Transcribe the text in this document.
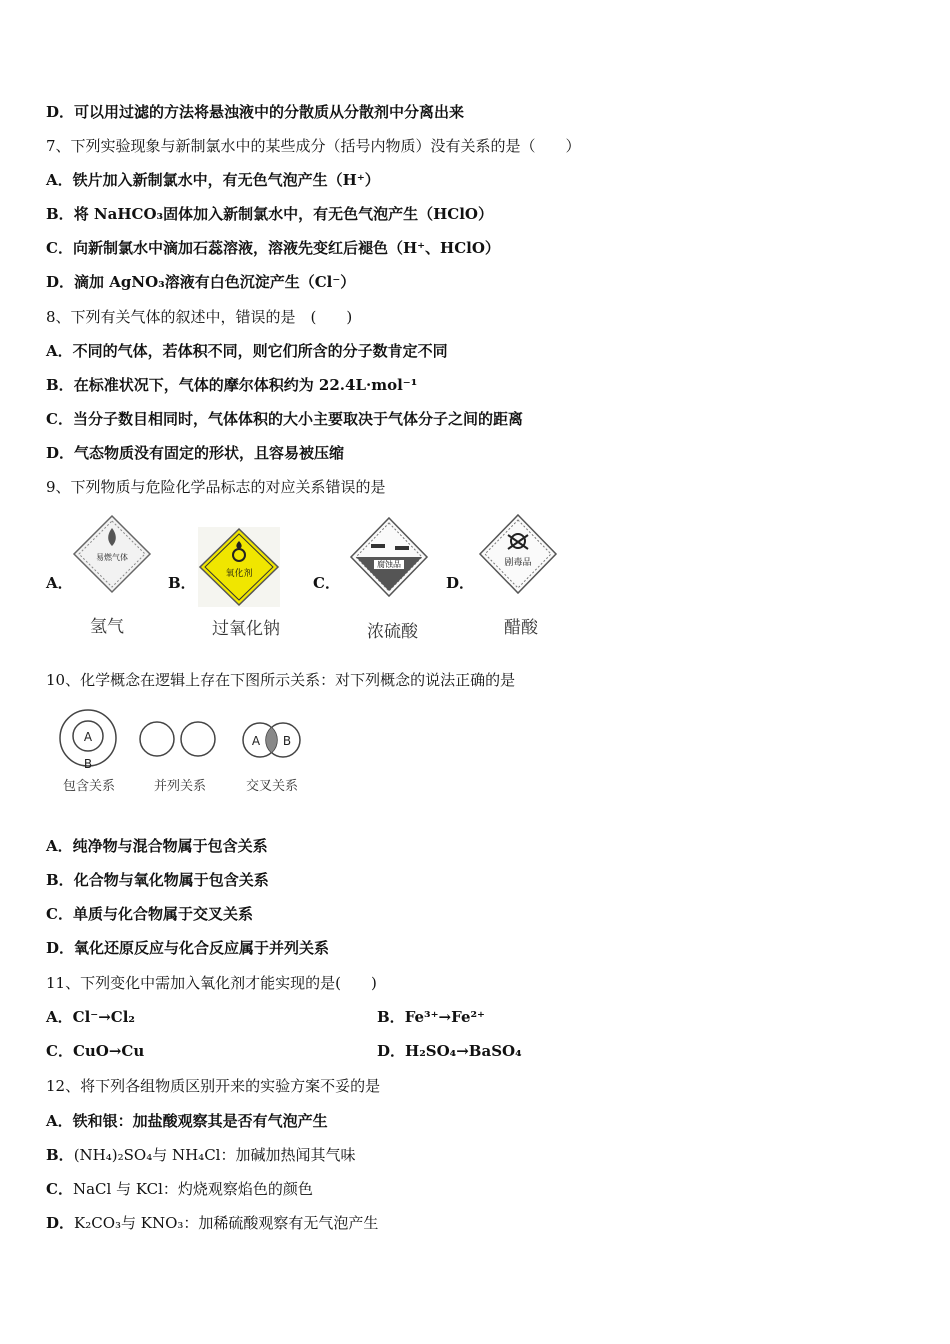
D．可以用过滤的方法将悬浊液中的分散质从分散剂中分离出来
7、下列实验现象与新制氯水中的某些成分（括号内物质）没有关系的是（　　）
A．铁片加入新制氯水中，有无色气泡产生（H⁺）
B．将 NaHCO₃固体加入新制氯水中，有无色气泡产生（HClO）
C．向新制氯水中滴加石蕊溶液，溶液先变红后褪色（H⁺、HClO）
D．滴加 AgNO₃溶液有白色沉淀产生（Cl⁻）
8、下列有关气体的叙述中，错误的是　(　　)
A．不同的气体，若体积不同，则它们所含的分子数肯定不同
B．在标准状况下，气体的摩尔体积约为 22.4L·mol⁻¹
C．当分子数目相同时，气体体积的大小主要取决于气体分子之间的距离
D．气态物质没有固定的形状，且容易被压缩
9、下列物质与危险化学品标志的对应关系错误的是
A．	B．	C．	D．
易燃气体
氧化剂
腐蚀品	剧毒品
氢气	过氧化钠	浓硫酸	醋酸
10、化学概念在逻辑上存在下图所示关系：对下列概念的说法正确的是
A
B
A B
包含关系	并列关系	交叉关系
A．纯净物与混合物属于包含关系
B．化合物与氧化物属于包含关系
C．单质与化合物属于交叉关系
D．氧化还原反应与化合反应属于并列关系
11、下列变化中需加入氧化剂才能实现的是(　　)
A．Cl⁻→Cl₂	B．Fe³⁺→Fe²⁺
C．CuO→Cu	D．H₂SO₄→BaSO₄
12、将下列各组物质区别开来的实验方案不妥的是
A．铁和银：加盐酸观察其是否有气泡产生
B．(NH₄)₂SO₄与 NH₄Cl：加碱加热闻其气味
C．NaCl 与 KCl：灼烧观察焰色的颜色
D．K₂CO₃与 KNO₃：加稀硫酸观察有无气泡产生
